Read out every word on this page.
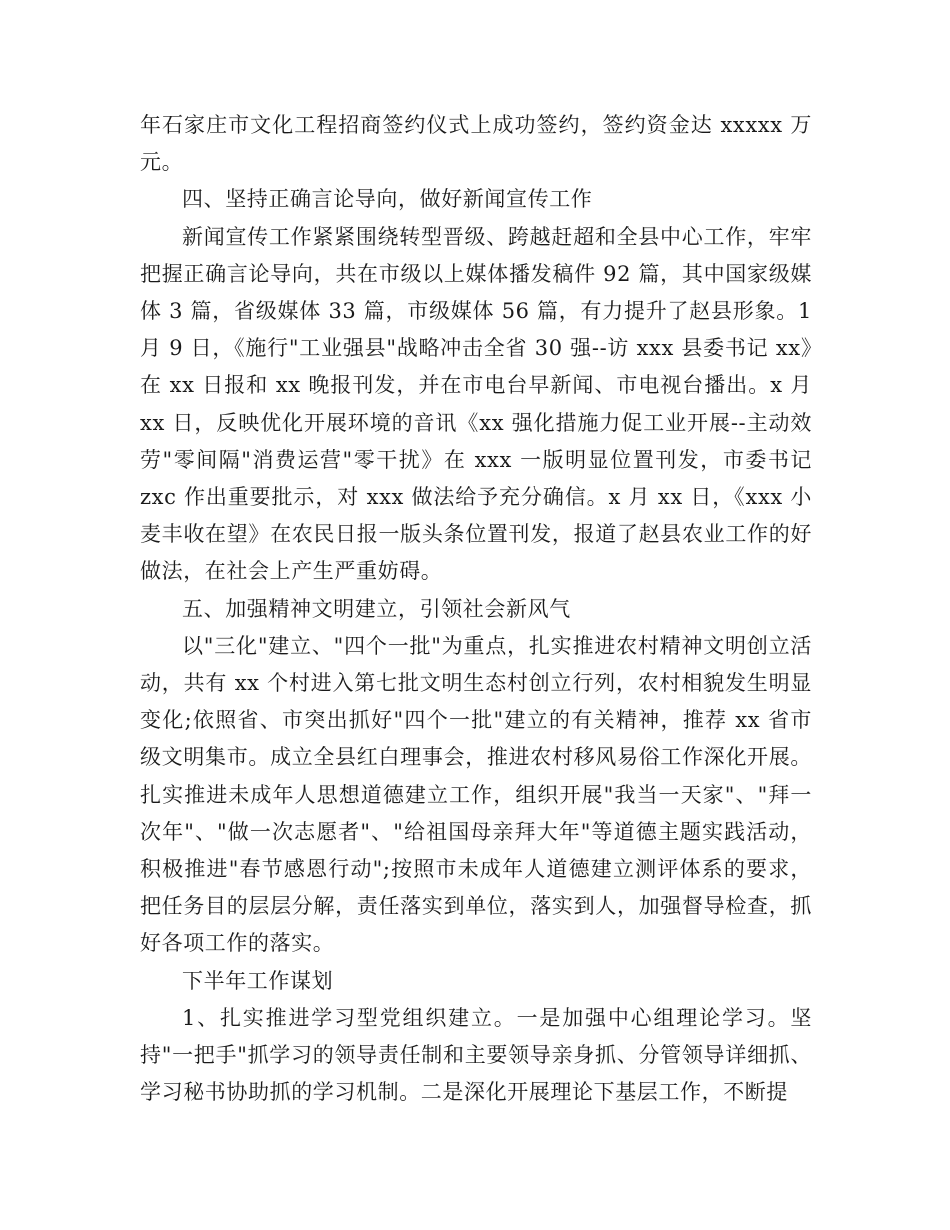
年石家庄市文化工程招商签约仪式上成功签约，签约资金达 xxxxx 万元。

四、坚持正确言论导向，做好新闻宣传工作

新闻宣传工作紧紧围绕转型晋级、跨越赶超和全县中心工作，牢牢把握正确言论导向，共在市级以上媒体播发稿件 92 篇，其中国家级媒体 3 篇，省级媒体 33 篇，市级媒体 56 篇，有力提升了赵县形象。1 月 9 日，《施行"工业强县"战略冲击全省 30 强--访 xxx 县委书记 xx》在 xx 日报和 xx 晚报刊发，并在市电台早新闻、市电视台播出。x 月 xx 日，反映优化开展环境的音讯《xx 强化措施力促工业开展--主动效劳"零间隔"消费运营"零干扰》在 xxx 一版明显位置刊发，市委书记 zxc 作出重要批示，对 xxx 做法给予充分确信。x 月 xx 日，《xxx 小麦丰收在望》在农民日报一版头条位置刊发，报道了赵县农业工作的好做法，在社会上产生严重妨碍。

五、加强精神文明建立，引领社会新风气

以"三化"建立、"四个一批"为重点，扎实推进农村精神文明创立活动，共有 xx 个村进入第七批文明生态村创立行列，农村相貌发生明显变化;依照省、市突出抓好"四个一批"建立的有关精神，推荐 xx 省市级文明集市。成立全县红白理事会，推进农村移风易俗工作深化开展。扎实推进未成年人思想道德建立工作，组织开展"我当一天家"、"拜一次年"、"做一次志愿者"、"给祖国母亲拜大年"等道德主题实践活动，积极推进"春节感恩行动";按照市未成年人道德建立测评体系的要求，把任务目的层层分解，责任落实到单位，落实到人，加强督导检查，抓好各项工作的落实。

下半年工作谋划

1、扎实推进学习型党组织建立。一是加强中心组理论学习。坚持"一把手"抓学习的领导责任制和主要领导亲身抓、分管领导详细抓、学习秘书协助抓的学习机制。二是深化开展理论下基层工作，不断提
